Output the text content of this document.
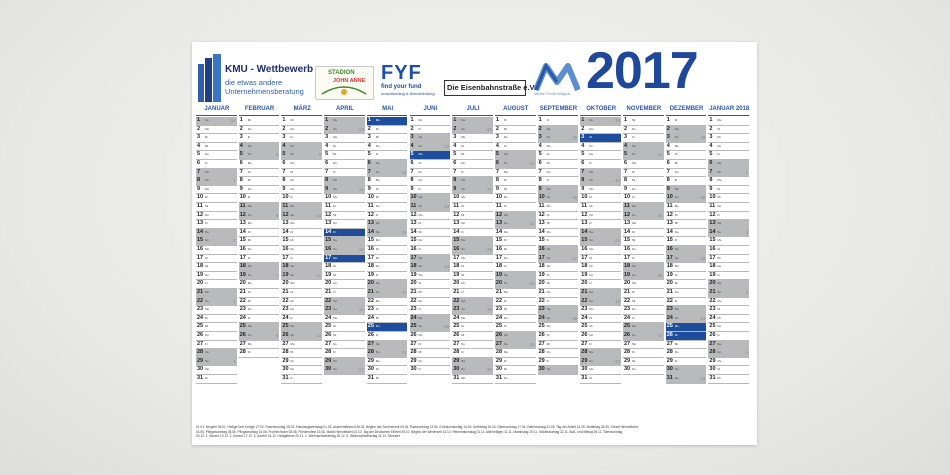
KMU - Wettbewerb
die etwas andere
Unternehmensberatung
STADION
JOHN ANNE FYF
find your fund
crowdfunding & filmvorfindung
Die Eisenbahnstraße e.V.
Medien Center Magnus 2017
JANUAR
1 So	52
2 Mo
3 Di
4 Mi
5 Do
6 Fr
7 Sa
8 So	1
9 Mo
10 Di
11 Mi
12 Do
13 Fr
14 Sa
15 So	2
16 Mo
17 Di
18 Mi
19 Do
20 Fr
21 Sa
22 So	3
23 Mo
24 Di
25 Mi
26 Do
27 Fr
28 Sa
29 So	4
30 Mo
31 Di
FEBRUAR
1 Mi
2 Do
3 Fr
4 Sa
5 So	5
6 Mo
7 Di
8 Mi
9 Do
10 Fr
11 Sa
12 So	6
13 Mo
14 Di
15 Mi
16 Do
17 Fr
18 Sa
19 So	7
20 Mo
21 Di
22 Mi
23 Do
24 Fr
25 Sa
26 So	8
27 Mo
28 Di
MÄRZ
1 Mi
2 Do
3 Fr
4 Sa
5 So	9
6 Mo
7 Di
8 Mi
9 Do
10 Fr
11 Sa
12 So	10
13 Mo
14 Di
15 Mi
16 Do
17 Fr
18 Sa
19 So	11
20 Mo
21 Di
22 Mi
23 Do
24 Fr
25 Sa
26 So	12
27 Mo
28 Di
29 Mi
30 Do
31 Fr
APRIL
1 Sa
2 So	13
3 Mo
4 Di
5 Mi
6 Do
7 Fr
8 Sa
9 So	14
10 Mo
11 Di
12 Mi
13 Do
14 Fr
15 Sa
16 So	15
17 Mo
18 Di
19 Mi
20 Do
21 Fr
22 Sa
23 So	16
24 Mo
25 Di
26 Mi
27 Do
28 Fr
29 Sa
30 So	17
MAI
1 Mo
2 Di
3 Mi
4 Do
5 Fr
6 Sa
7 So	18
8 Mo
9 Di
10 Mi
11 Do
12 Fr
13 Sa
14 So	19
15 Mo
16 Di
17 Mi
18 Do
19 Fr
20 Sa
21 So	20
22 Mo
23 Di
24 Mi
25 Do
26 Fr
27 Sa
28 So	21
29 Mo
30 Di
31 Mi
JUNI
1 Do
2 Fr
3 Sa
4 So	22
5 Mo
6 Di
7 Mi
8 Do
9 Fr
10 Sa
11 So	23
12 Mo
13 Di
14 Mi
15 Do
16 Fr
17 Sa
18 So	24
19 Mo
20 Di
21 Mi
22 Do
23 Fr
24 Sa
25 So	25
26 Mo
27 Di
28 Mi
29 Do
30 Fr
JULI
1 Sa
2 So	26
3 Mo
4 Di
5 Mi
6 Do
7 Fr
8 Sa
9 So	27
10 Mo
11 Di
12 Mi
13 Do
14 Fr
15 Sa
16 So	28
17 Mo
18 Di
19 Mi
20 Do
21 Fr
22 Sa
23 So	29
24 Mo
25 Di
26 Mi
27 Do
28 Fr
29 Sa
30 So	30
31 Mo
AUGUST
1 Di
2 Mi
3 Do
4 Fr
5 Sa
6 So	31
7 Mo
8 Di
9 Mi
10 Do
11 Fr
12 Sa
13 So	32
14 Mo
15 Di
16 Mi
17 Do
18 Fr
19 Sa
20 So	33
21 Mo
22 Di
23 Mi
24 Do
25 Fr
26 Sa
27 So	34
28 Mo
29 Di
30 Mi
31 Do
SEPTEMBER
1 Fr
2 Sa
3 So	35
4 Mo
5 Di
6 Mi
7 Do
8 Fr
9 Sa
10 So	36
11 Mo
12 Di
13 Mi
14 Do
15 Fr
16 Sa
17 So	37
18 Mo
19 Di
20 Mi
21 Do
22 Fr
23 Sa
24 So	38
25 Mo
26 Di
27 Mi
28 Do
29 Fr
30 Sa
OKTOBER
1 So	39
2 Mo
3 Di
4 Mi
5 Do
6 Fr
7 Sa
8 So	40
9 Mo
10 Di
11 Mi
12 Do
13 Fr
14 Sa
15 So	41
16 Mo
17 Di
18 Mi
19 Do
20 Fr
21 Sa
22 So	42
23 Mo
24 Di
25 Mi
26 Do
27 Fr
28 Sa
29 So	43
30 Mo
31 Di
NOVEMBER
1 Mi
2 Do
3 Fr
4 Sa
5 So	44
6 Mo
7 Di
8 Mi
9 Do
10 Fr
11 Sa
12 So	45
13 Mo
14 Di
15 Mi
16 Do
17 Fr
18 Sa
19 So	46
20 Mo
21 Di
22 Mi
23 Do
24 Fr
25 Sa
26 So	47
27 Mo
28 Di
29 Mi
30 Do
DEZEMBER
1 Fr
2 Sa
3 So	48
4 Mo
5 Di
6 Mi
7 Do
8 Fr
9 Sa
10 So	49
11 Mo
12 Di
13 Mi
14 Do
15 Fr
16 Sa
17 So	50
18 Mo
19 Di
20 Mi
21 Do
22 Fr
23 Sa
24 So	51
25 Mo
26 Di
27 Mi
28 Do
29 Fr
30 Sa
31 So	52
JANUAR 2018
1 Mo
2 Di
3 Mi
4 Do
5 Fr
6 Sa
7 So	1
8 Mo
9 Di
10 Mi
11 Do
12 Fr
13 Sa
14 So	2
15 Mo
16 Di
17 Mi
18 Do
19 Fr
20 Sa
21 So	3
22 Mo
23 Di
24 Mi
25 Do
26 Fr
27 Sa
28 So	4
29 Mo
30 Di
31 Mi
01.01. Neujahr 06.01. Heilige Drei Könige 27.02. Rosenmontag 28.02. Faschingsdienstag 01.03. Aschermittwoch 26.03. Beginn der Sommerzeit 09.04. Palmsonntag 13.04. Gründonnerstag 14.04. Karfreitag 16.04. Ostersonntag 17.04. Ostermontag 01.05. Tag der Arbeit 14.05. Muttertag 25.05. Christi Himmelfahrt
04.06. Pfingstsonntag 05.06. Pfingstmontag 15.06. Fronleichnam 08.08. Friedensfest 15.08. Mariä Himmelfahrt 03.10. Tag der Deutschen Einheit 29.10. Beginn der Winterzeit 31.10. Reformationstag 01.11. Allerheiligen 11.11. Martinstag 19.11. Volkstrauertag 22.11. Buß- und Bettag 26.11. Totensonntag
03.12. 1. Advent 10.12. 2. Advent 17.12. 3. Advent 24.12. Heiligabend 25.12. 1. Weihnachtsfeiertag 26.12. 2. Weihnachtsfeiertag 31.12. Silvester
